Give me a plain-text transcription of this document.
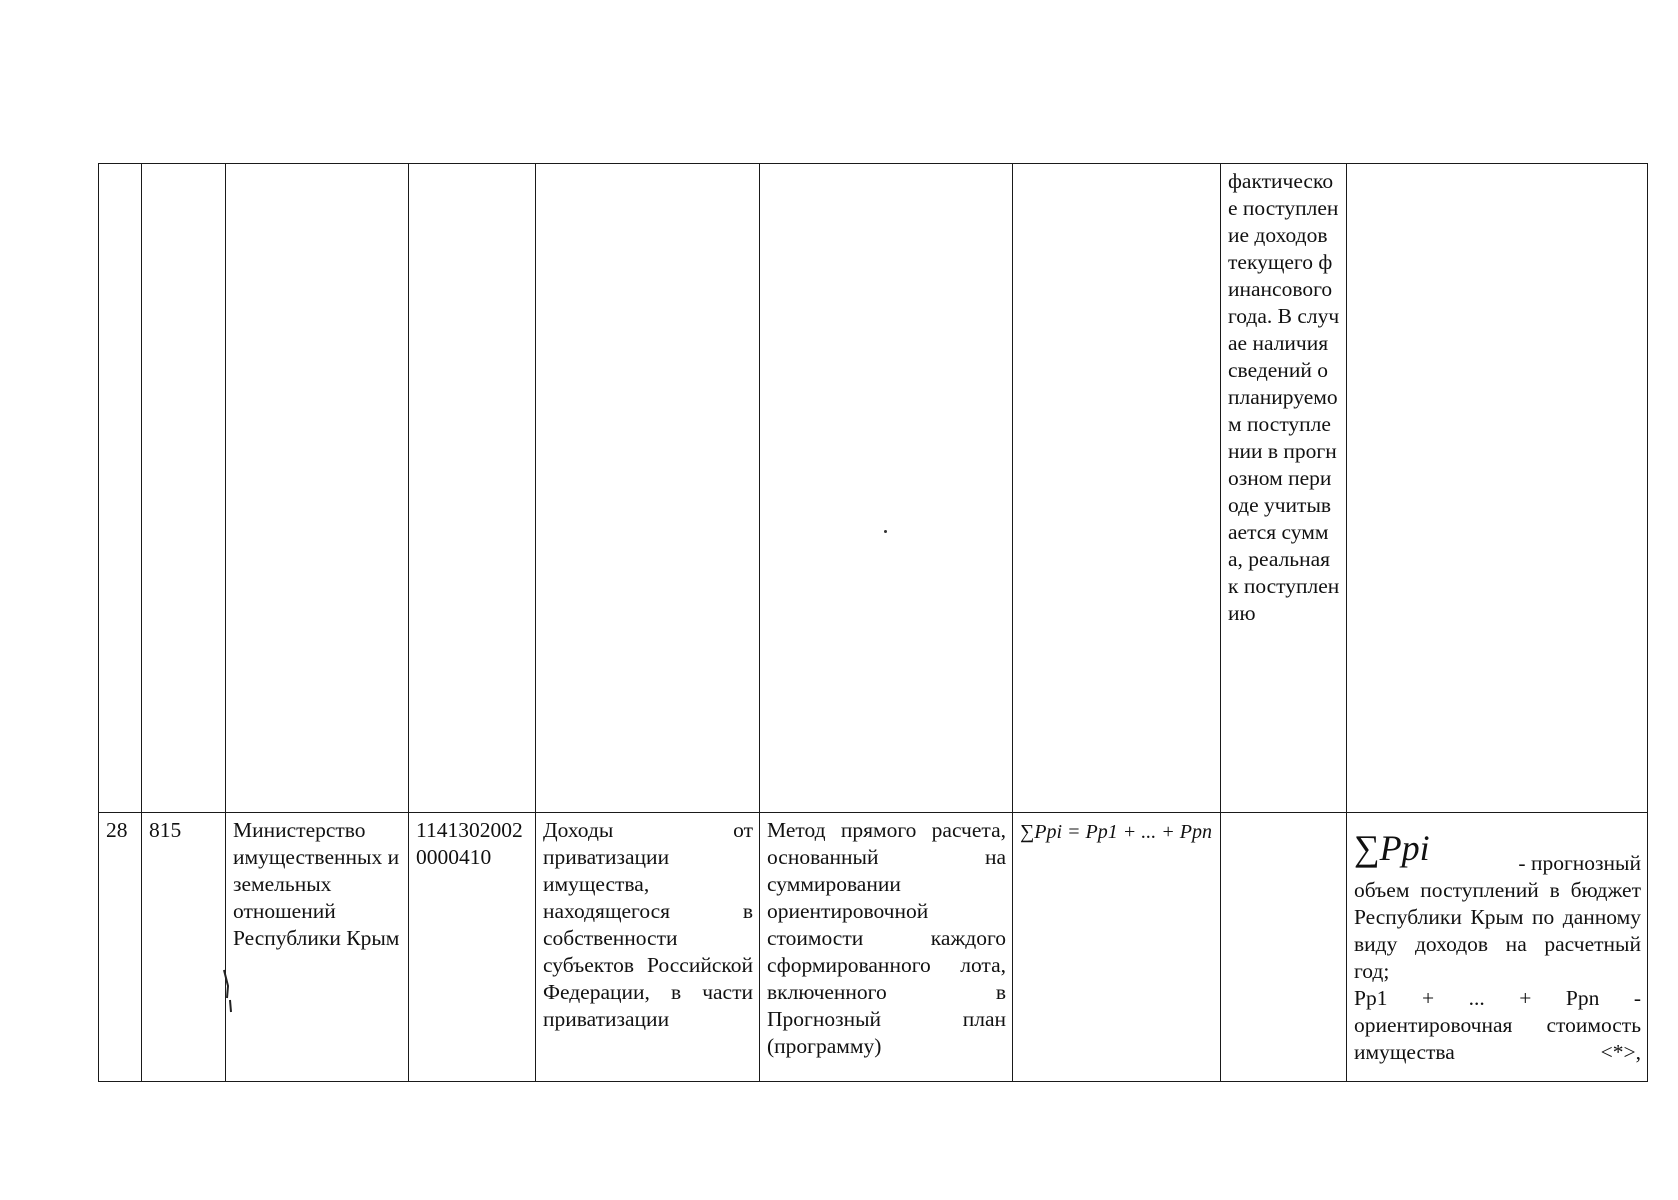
							фактическое поступление доходов текущего финансового года. В случае наличия сведений о планируемом поступлении в прогнозном периоде учитывается сумма, реальная к поступлению	
28	815	Министерство имущественных и земельных отношений Республики Крым	11413020020000410	Доходы от приватизации имущества, находящегося в собственности субъектов Российской Федерации, в части приватизации	Метод прямого расчета, основанный на суммировании ориентировочной стоимости каждого сформированного лота, включенного в Прогнозный план (программу)	∑Ppi = Pp1 + ... + Ppn		∑Ppi - прогнозный
объем поступлений в бюджет Республики Крым по данному виду доходов на расчетный год;
Pp1 + ... + Ppn -
ориентировочная стоимость имущества <*>,
